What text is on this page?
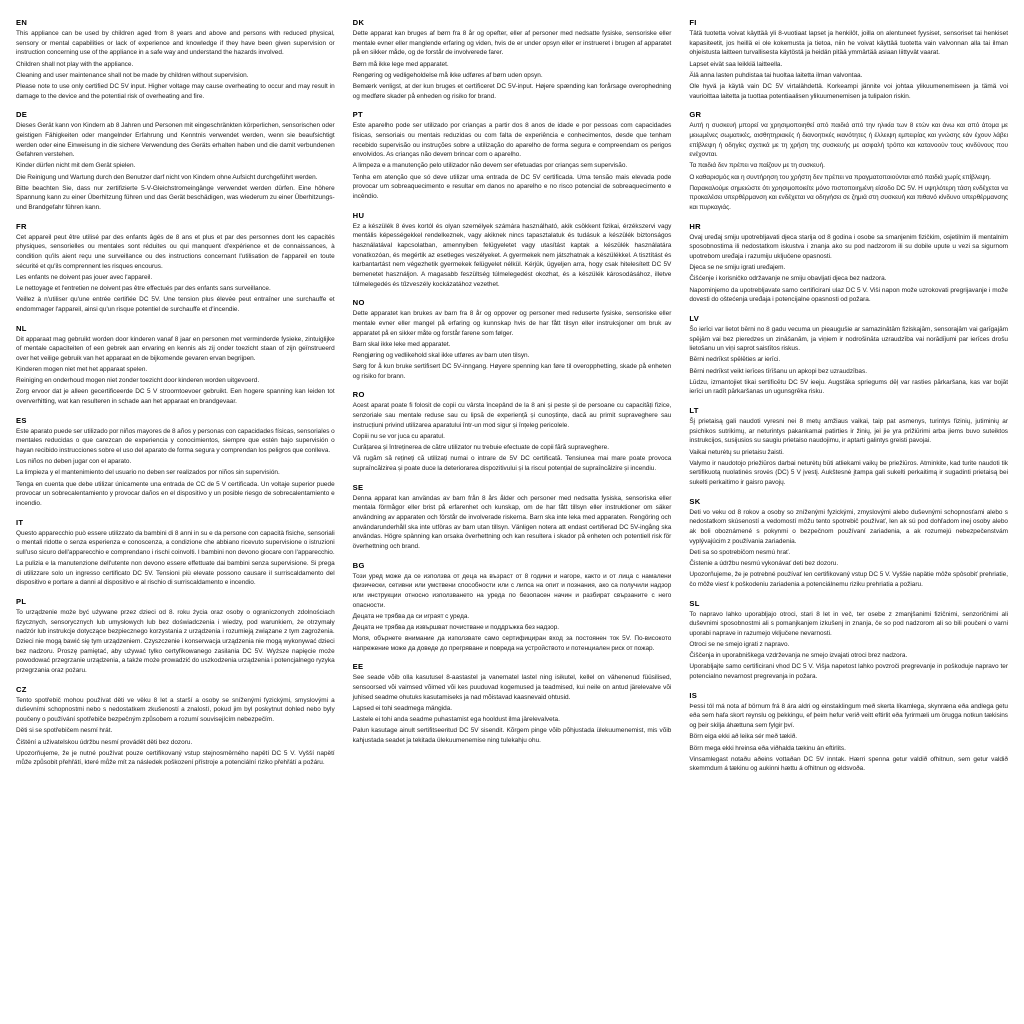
EN

This appliance can be used by children aged from 8 years and above and persons with reduced physical, sensory or mental capabilities or lack of experience and knowledge if they have been given supervision or instruction concerning use of the appliance in a safe way and understand the hazards involved.

Children shall not play with the appliance.

Cleaning and user maintenance shall not be made by children without supervision.

Please note to use only certified DC 5V input. Higher voltage may cause overheating to occur and may result in damage to the device and the potential risk of overheating and fire.

DE

Dieses Gerät kann von Kindern ab 8 Jahren und Personen mit eingeschränkten körperlichen, sensorischen oder geistigen Fähigkeiten oder mangelnder Erfahrung und Kenntnis verwendet werden, wenn sie beaufsichtigt werden oder eine Einweisung in die sichere Verwendung des Geräts erhalten haben und die damit verbundenen Gefahren verstehen.

Kinder dürfen nicht mit dem Gerät spielen.

Die Reinigung und Wartung durch den Benutzer darf nicht von Kindern ohne Aufsicht durchgeführt werden.

Bitte beachten Sie, dass nur zertifizierte 5-V-Gleichstromeingänge verwendet werden dürfen. Eine höhere Spannung kann zu einer Überhitzung führen und das Gerät beschädigen, was wiederum zu einer Überhitzungs- und Brandgefahr führen kann.

FR

Cet appareil peut être utilisé par des enfants âgés de 8 ans et plus et par des personnes dont les capacités physiques, sensorielles ou mentales sont réduites ou qui manquent d'expérience et de connaissances, à condition qu'ils aient reçu une surveillance ou des instructions concernant l'utilisation de l'appareil en toute sécurité et qu'ils comprennent les risques encourus.

Les enfants ne doivent pas jouer avec l'appareil.

Le nettoyage et l'entretien ne doivent pas être effectués par des enfants sans surveillance.

Veillez à n'utiliser qu'une entrée certifiée DC 5V. Une tension plus élevée peut entraîner une surchauffe et endommager l'appareil, ainsi qu'un risque potentiel de surchauffe et d'incendie.

NL

Dit apparaat mag gebruikt worden door kinderen vanaf 8 jaar en personen met verminderde fysieke, zintuiglijke of mentale capaciteiten of een gebrek aan ervaring en kennis als zij onder toezicht staan of zijn geïnstrueerd over het veilige gebruik van het apparaat en de bijkomende gevaren ervan begrijpen.

Kinderen mogen niet met het apparaat spelen.

Reiniging en onderhoud mogen niet zonder toezicht door kinderen worden uitgevoerd.

Zorg ervoor dat je alleen gecertificeerde DC 5 V stroomtoevoer gebruikt. Een hogere spanning kan leiden tot oververhitting, wat kan resulteren in schade aan het apparaat en brandgevaar.

ES

Este aparato puede ser utilizado por niños mayores de 8 años y personas con capacidades físicas, sensoriales o mentales reducidas o que carezcan de experiencia y conocimientos, siempre que estén bajo supervisión o hayan recibido instrucciones sobre el uso del aparato de forma segura y comprendan los peligros que conlleva.

Los niños no deben jugar con el aparato.

La limpieza y el mantenimiento del usuario no deben ser realizados por niños sin supervisión.

Tenga en cuenta que debe utilizar únicamente una entrada de CC de 5 V certificada. Un voltaje superior puede provocar un sobrecalentamiento y provocar daños en el dispositivo y un posible riesgo de sobrecalentamiento e incendio.

IT

Questo apparecchio può essere utilizzato da bambini di 8 anni in su e da persone con capacità fisiche, sensoriali o mentali ridotte o senza esperienza e conoscenza, a condizione che abbiano ricevuto supervisione o istruzioni sull'uso sicuro dell'apparecchio e comprendano i rischi coinvolti. I bambini non devono giocare con l'apparecchio.

La pulizia e la manutenzione dell'utente non devono essere effettuate dai bambini senza supervisione. Si prega di utilizzare solo un ingresso certificato DC 5V. Tensioni più elevate possono causare il surriscaldamento del dispositivo e portare a danni al dispositivo e al rischio di surriscaldamento e incendio.

PL

To urządzenie może być używane przez dzieci od 8. roku życia oraz osoby o ograniczonych zdolnościach fizycznych, sensorycznych lub umysłowych lub bez doświadczenia i wiedzy, pod warunkiem, że otrzymały nadzór lub instrukcje dotyczące bezpiecznego korzystania z urządzenia i rozumieją związane z tym zagrożenia. Dzieci nie mogą bawić się tym urządzeniem. Czyszczenie i konserwacja urządzenia nie mogą wykonywać dzieci bez nadzoru. Proszę pamiętać, aby używać tylko certyfikowanego zasilania DC 5V. Wyższe napięcie może powodować przegrzanie urządzenia, a także może prowadzić do uszkodzenia urządzenia i potencjalnego ryzyka przegrzania oraz pożaru.

CZ

Tento spotřebič mohou používat děti ve věku 8 let a starší a osoby se sníženými fyzickými, smyslovými a duševními schopnostmi nebo s nedostatkem zkušeností a znalostí, pokud jim byl poskytnut dohled nebo byly poučeny o používání spotřebiče bezpečným způsobem a rozumí souvisejícím nebezpečím.

Děti si se spotřebičem nesmí hrát.

Čištění a uživatelskou údržbu nesmí provádět děti bez dozoru.

Upozorňujeme, že je nutné používat pouze certifikovaný vstup stejnosměrného napětí DC 5 V. Vyšší napětí může způsobit přehřátí, které může mít za následek poškození přístroje a potenciální riziko přehřátí a požáru.

DK

Dette apparat kan bruges af børn fra 8 år og opefter, eller af personer med nedsatte fysiske, sensoriske eller mentale evner eller manglende erfaring og viden, hvis de er under opsyn eller er instrueret i brugen af apparatet på en sikker måde, og de forstår de involverede farer.

Børn må ikke lege med apparatet.

Rengøring og vedligeholdelse må ikke udføres af børn uden opsyn.

Bemærk venligst, at der kun bruges et certificeret DC 5V-input. Højere spænding kan forårsage overophedning og medføre skader på enheden og risiko for brand.

PT

Este aparelho pode ser utilizado por crianças a partir dos 8 anos de idade e por pessoas com capacidades físicas, sensoriais ou mentais reduzidas ou com falta de experiência e conhecimentos, desde que tenham recebido supervisão ou instruções sobre a utilização do aparelho de forma segura e compreendam os perigos envolvidos. As crianças não devem brincar com o aparelho.

A limpeza e a manutenção pelo utilizador não devem ser efetuadas por crianças sem supervisão.

Tenha em atenção que só deve utilizar uma entrada de DC 5V certificada. Uma tensão mais elevada pode provocar um sobreaquecimento e resultar em danos no aparelho e no risco potencial de sobreaquecimento e incêndio.

HU

Ez a készülék 8 éves kortól és olyan személyek számára használható, akik csökkent fizikai, érzékszervi vagy mentális képességekkel rendelkeznek, vagy akiknek nincs tapasztalatuk és tudásuk a készülék biztonságos használatával kapcsolatban, amennyiben felügyeletet vagy utasítást kaptak a készülék használatára vonatkozóan, és megértik az esetleges veszélyeket. A gyermekek nem játszhatnak a készülékkel. A tisztítást és karbantartást nem végezhetik gyermekek felügyelet nélkül. Kérjük, ügyeljen arra, hogy csak hitelesített DC 5V bemenetet használjon. A magasabb feszültség túlmelegedést okozhat, és a készülék károsodásához, illetve túlmelegedés és tűzveszély kockázatához vezethet.

NO

Dette apparatet kan brukes av barn fra 8 år og oppover og personer med reduserte fysiske, sensoriske eller mentale evner eller mangel på erfaring og kunnskap hvis de har fått tilsyn eller instruksjoner om bruk av apparatet på en sikker måte og forstår farene som følger.

Barn skal ikke leke med apparatet.

Rengjøring og vedlikehold skal ikke utføres av barn uten tilsyn.

Sørg for å kun bruke sertifisert DC 5V-inngang. Høyere spenning kan føre til overopphetting, skade på enheten og risiko for brann.

RO

Acest aparat poate fi folosit de copii cu vârsta începând de la 8 ani și peste și de persoane cu capacități fizice, senzoriale sau mentale reduse sau cu lipsă de experiență și cunoștințe, dacă au primit supraveghere sau instrucțiuni privind utilizarea aparatului într-un mod sigur și înțeleg pericolele.

Copiii nu se vor juca cu aparatul.

Curățarea și întreținerea de către utilizator nu trebuie efectuate de copii fără supraveghere.

Vă rugăm să rețineți că utilizați numai o intrare de 5V DC certificată. Tensiunea mai mare poate provoca supraîncălzirea și poate duce la deteriorarea dispozitivului și la riscul potențial de supraîncălzire și incendiu.

SE

Denna apparat kan användas av barn från 8 års ålder och personer med nedsatta fysiska, sensoriska eller mentala förmågor eller brist på erfarenhet och kunskap, om de har fått tillsyn eller instruktioner om säker användning av apparaten och förstår de involverade riskerna. Barn ska inte leka med apparaten. Rengöring och användarunderhåll ska inte utföras av barn utan tillsyn. Vänligen notera att endast certifierad DC 5V-ingång ska användas. Högre spänning kan orsaka överhettning och kan resultera i skador på enheten och potentiell risk för överhettning och brand.

BG

Този уред може да се използва от деца на възраст от 8 години и нагоре, както и от лица с намалени физически, сетивни или умствени способности или с липса на опит и познания, ако са получили надзор или инструкции относно използването на уреда по безопасен начин и разбират свързаните с него опасности.

Децата не трябва да си играят с уреда.

Децата не трябва да извършват почистване и поддръжка без надзор.

Моля, обърнете внимание да използвате само сертифициран вход за постоянен ток 5V. По-високото напрежение може да доведе до прегряване и повреда на устройството и потенциален риск от пожар.

EE

See seade võib olla kasutusel 8-aastastel ja vanematel lastel ning isikutel, kellel on vähenenud füüsilised, sensoorsed või vaimsed võimed või kes puuduvad kogemused ja teadmised, kui neile on antud järelevalve või juhised seadme ohutuks kasutamiseks ja nad mõistavad kaasnevaid ohtusid.

Lapsed ei tohi seadmega mängida.

Lastele ei tohi anda seadme puhastamist ega hooldust ilma järelevalveta.

Palun kasutage ainult sertifitseeritud DC 5V sisendit. Kõrgem pinge võib põhjustada ülekuumenemist, mis võib kahjustada seadet ja tekitada ülekuumenemise ning tulekahju ohu.

FI

Tätä tuotetta voivat käyttää yli 8-vuotiaat lapset ja henkilöt, joilla on alentuneet fyysiset, sensoriset tai henkiset kapasiteetit, jos heillä ei ole kokemusta ja tietoa, niin he voivat käyttää tuotetta vain valvonnan alla tai ilman ohjeistusta laitteen turvallisesta käytöstä ja heidän pitää ymmärtää asiaan liittyvät vaarat.

Lapset eivät saa leikkiä laitteella.

Älä anna lasten puhdistaa tai huoltaa laitetta ilman valvontaa.

Ole hyvä ja käytä vain DC 5V virtalähdettä. Korkeampi jännite voi johtaa ylikuumenemiseen ja tämä voi vaurioittaa laitetta ja tuottaa potentiaalisen ylikuumenemisen ja tulipalon riskin.

GR

Αυτή η συσκευή μπορεί να χρησιμοποιηθεί από παιδιά από την ηλικία των 8 ετών και άνω και από άτομα με μειωμένες σωματικές, αισθητηριακές ή διανοητικές ικανότητες ή έλλειψη εμπειρίας και γνώσης εάν έχουν λάβει επίβλεψη ή οδηγίες σχετικά με τη χρήση της συσκευής με ασφαλή τρόπο και κατανοούν τους κινδύνους που ενέχονται.

Τα παιδιά δεν πρέπει να παίζουν με τη συσκευή.

Ο καθαρισμός και η συντήρηση του χρήστη δεν πρέπει να πραγματοποιούνται από παιδιά χωρίς επίβλεψη.

Παρακαλούμε σημειώστε ότι χρησιμοποιείτε μόνο πιστοποιημένη είσοδο DC 5V. Η υψηλότερη τάση ενδέχεται να προκαλέσει υπερθέρμανση και ενδέχεται να οδηγήσει σε ζημιά στη συσκευή και πιθανό κίνδυνο υπερθέρμανσης και πυρκαγιάς.

HR

Ovaj uređaj smiju upotrebljavati djeca starija od 8 godina i osobe sa smanjenim fizičkim, osjetilnim ili mentalnim sposobnostima ili nedostatkom iskustva i znanja ako su pod nadzorom ili su dobile upute u vezi sa sigurnom upotrebom uređaja i razumiju uključene opasnosti.

Djeca se ne smiju igrati uređajem.

Čišćenje i korisničko održavanje ne smiju obavljati djeca bez nadzora.

Napominjemo da upotrebljavate samo certificirani ulaz DC 5 V. Viši napon može uzrokovati pregrijavanje i može dovesti do oštećenja uređaja i potencijalne opasnosti od požara.

LV

Šo ierīci var lietot bērni no 8 gadu vecuma un pieaugušie ar samazinātām fiziskajām, sensorajām vai garīgajām spējām vai bez pieredzes un zināšanām, ja viņiem ir nodrošināta uzraudzība vai norādījumi par ierīces drošu lietošanu un viņi saprot saistītos riskus.

Bērni nedrīkst spēlēties ar ierīci.

Bērni nedrīkst veikt ierīces tīrīšanu un apkopi bez uzraudzības.

Lūdzu, izmantojiet tikai sertificētu DC 5V ieeju. Augstāka spriegums dēļ var rasties pārkaršana, kas var bojāt ierīci un radīt pārkaršanas un ugunsgrēka risku.

LT

Šį prietaisą gali naudoti vyresni nei 8 metų amžiaus vaikai, taip pat asmenys, turintys fizinių, jutiminių ar psichikos sutrikimų, ar neturintys pakankamai patirties ir žinių, jei jie yra prižiūrimi arba jiems buvo suteiktos instrukcijos, susijusios su saugiu prietaiso naudojimu, ir aptarti galintys greisti pavojai.

Vaikai neturėtų su prietaisu žaisti.

Valymo ir naudotojo priežiūros darbai neturėtų būti atliekami vaikų be priežiūros. Atminkite, kad turite naudoti tik sertifikuotą nuolatinės srovės (DC) 5 V įvestį. Aukštesnė įtampa gali sukelti perkaitimą ir sugadinti prietaisą bei sukelti perkaitimo ir gaisro pavojų.

SK

Deti vo veku od 8 rokov a osoby so zníženými fyzickými, zmyslovými alebo duševnými schopnosťami alebo s nedostatkom skúseností a vedomostí môžu tento spotrebič používať, len ak sú pod dohľadom inej osoby alebo ak boli oboznámené s pokynmi o bezpečnom používaní zariadenia, a ak rozumejú nebezpečenstvám vyplývajúcim z používania zariadenia.

Deti sa so spotrebičom nesmú hrať.

Čistenie a údržbu nesmú vykonávať deti bez dozoru.

Upozorňujeme, že je potrebné používať len certifikovaný vstup DC 5 V. Vyššie napätie môže spôsobiť prehriatie, čo môže viesť k poškodeniu zariadenia a potenciálnemu riziku prehriatia a požiaru.

SL

To napravo lahko uporabljajo otroci, stari 8 let in več, ter osebe z zmanjšanimi fizičnimi, senzoričnimi ali duševnimi sposobnostmi ali s pomanjkanjem izkušenj in znanja, če so pod nadzorom ali so bili poučeni o varni uporabi naprave in razumejo vključene nevarnosti.

Otroci se ne smejo igrati z napravo.

Čiščenja in uporabniškega vzdrževanja ne smejo izvajati otroci brez nadzora.

Uporabljajte samo certificirani vhod DC 5 V. Višja napetost lahko povzroči pregrevanje in poškoduje napravo ter potencialno nevarnost pregrevanja in požara.

IS

Þessi tól má nota af börnum frá 8 ára aldri og einstaklingum með skerta líkamlega, skynræna eða andlega getu eða sem hafa skort reynslu og þekkingu, ef þeim hefur verið veitt eftirlit eða fyrirmæli um örugga notkun tækisins og þeir skilja áhættuna sem fylgir því.

Börn eiga ekki að leika sér með tækið.

Börn mega ekki hreinsa eða viðhalda tækinu án eftirlits.

Vinsamlegast notaðu aðeins vottaðan DC 5V inntak. Hærri spenna getur valdið ofhitnun, sem getur valdið skemmdum á tækinu og aukinni hættu á ofhitnun og eldsvoða.
